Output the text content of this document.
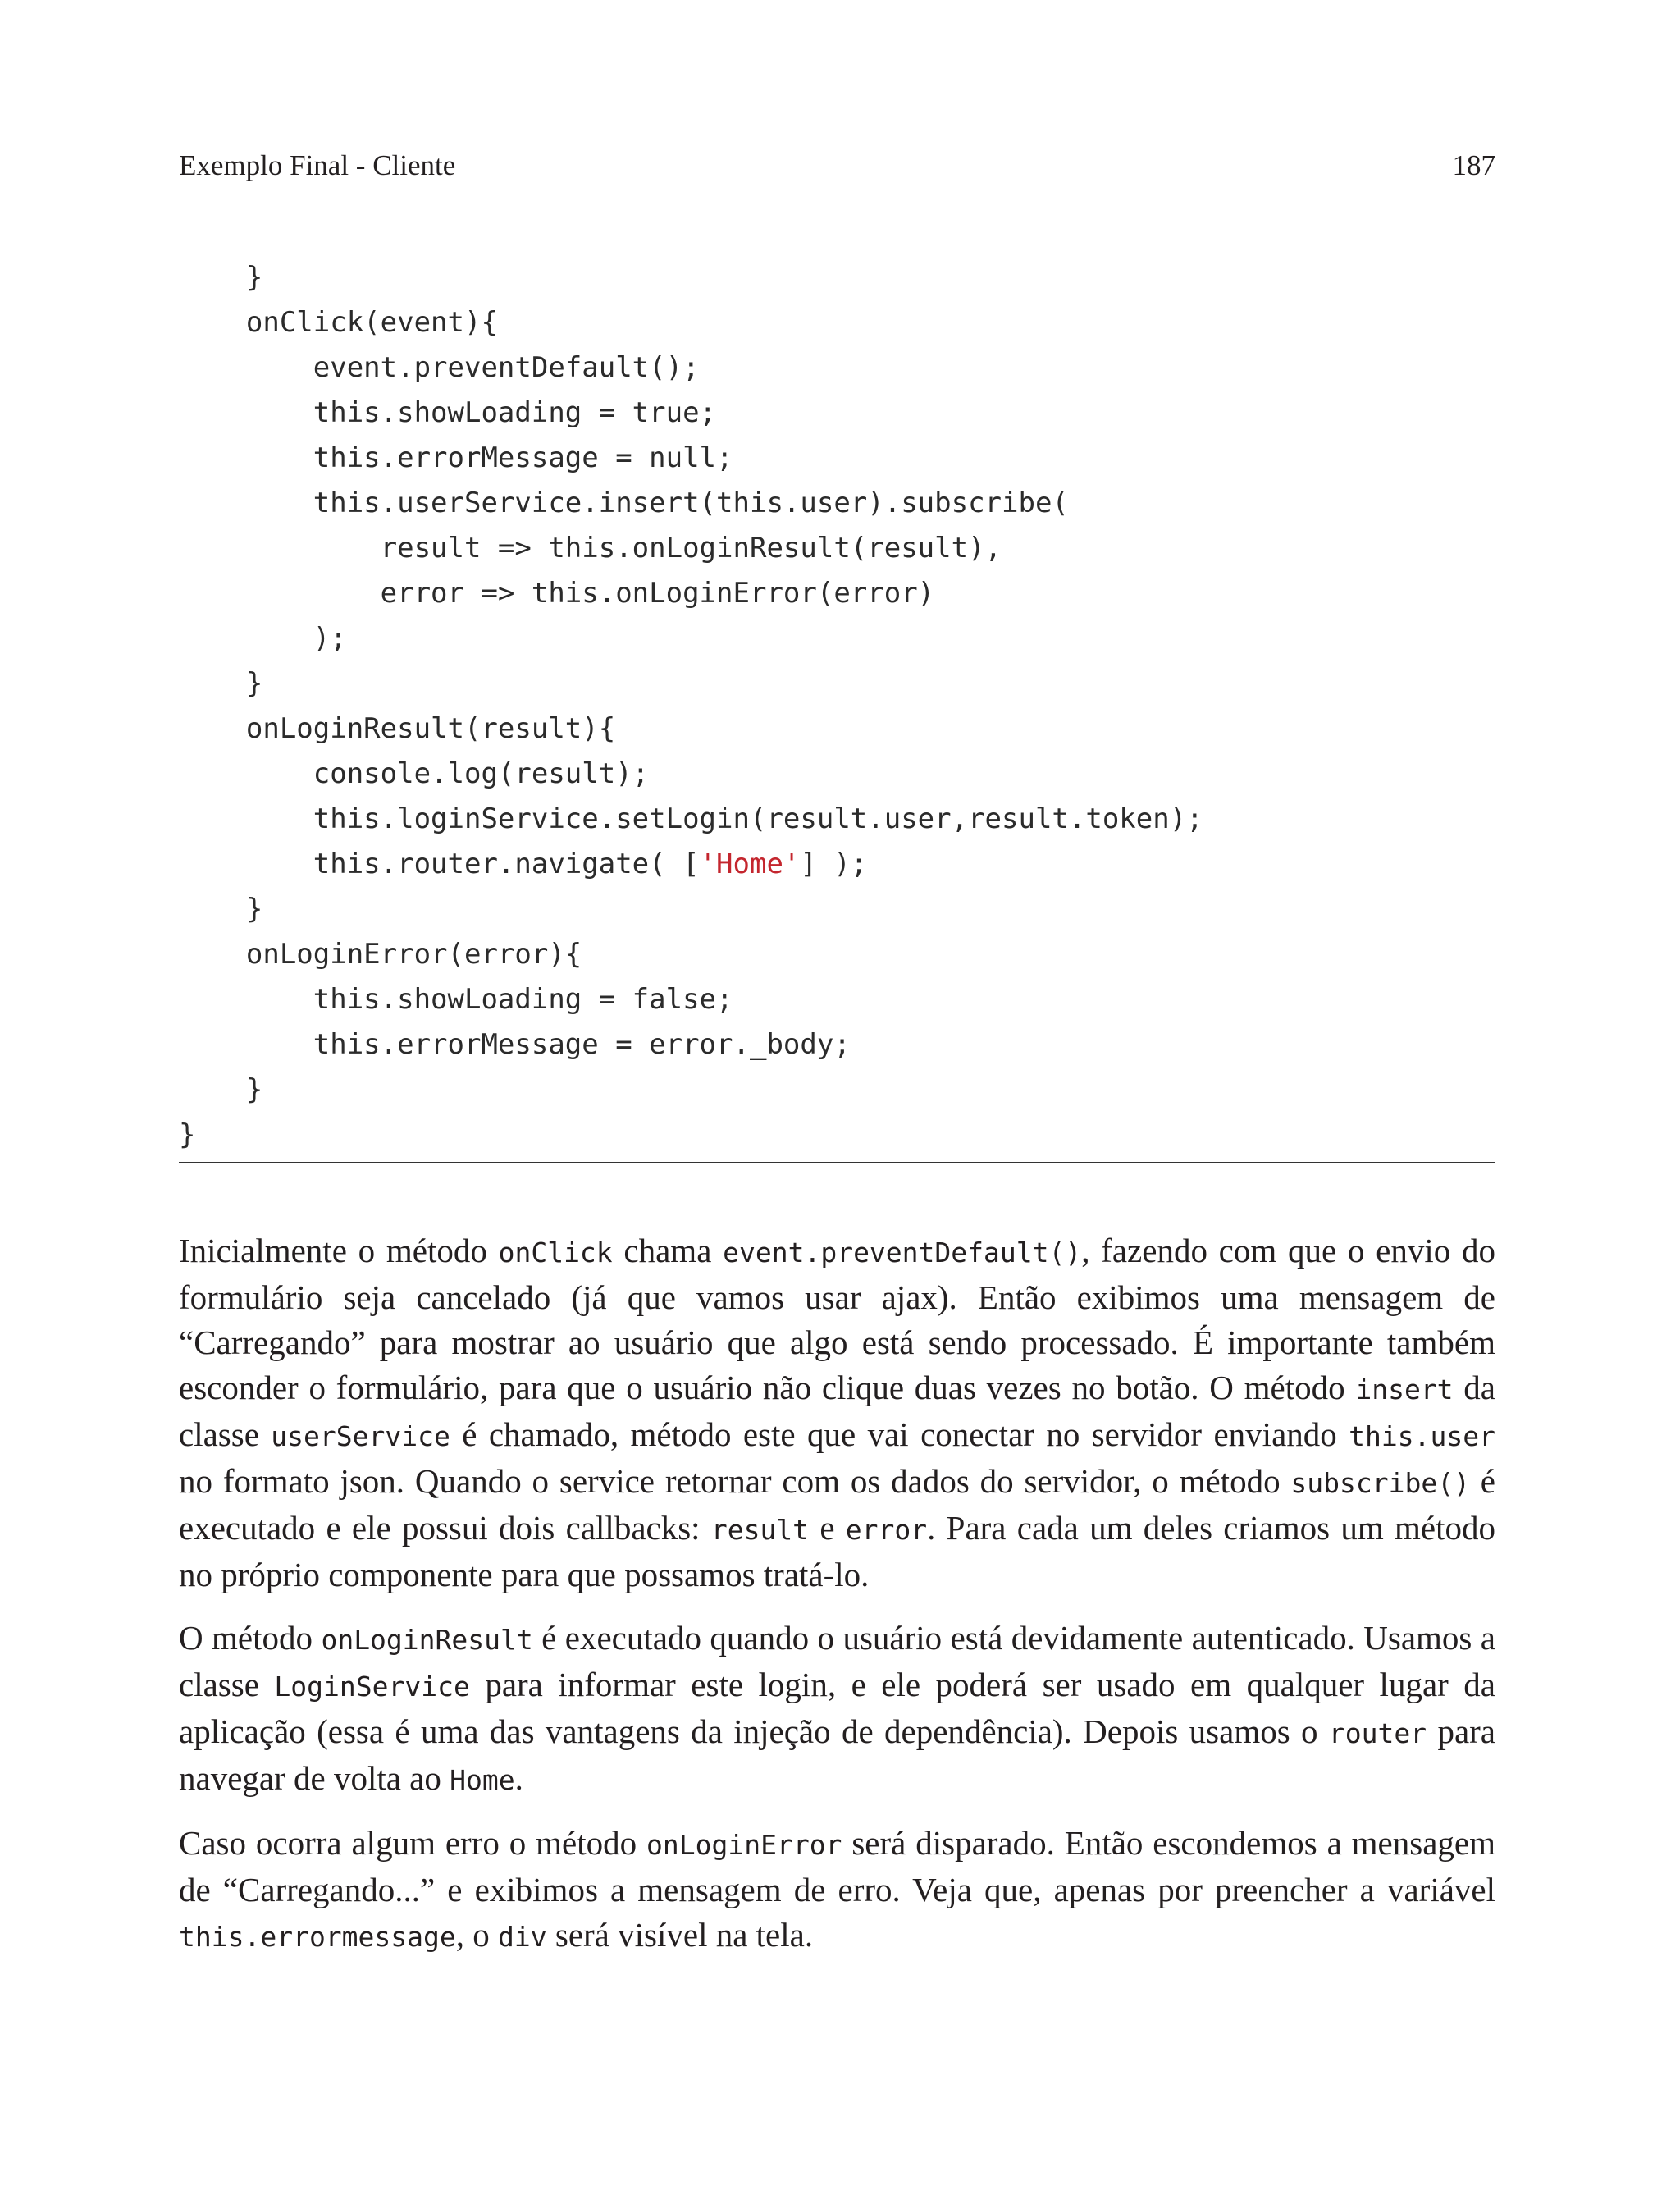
Exemplo Final - Cliente	187
}
onClick(event){
event.preventDefault();
this.showLoading = true;
this.errorMessage = null;
this.userService.insert(this.user).subscribe(
result => this.onLoginResult(result),
error => this.onLoginError(error)
);
}
onLoginResult(result){
console.log(result);
this.loginService.setLogin(result.user,result.token);
this.router.navigate( ['Home'] );
}
onLoginError(error){
this.showLoading = false;
this.errorMessage = error._body;
}
}

Inicialmente o método onClick chama event.preventDefault(), fazendo com que o envio do formulário seja cancelado (já que vamos usar ajax). Então exibimos uma mensagem de “Carregando” para mostrar ao usuário que algo está sendo processado. É importante também esconder o formulário, para que o usuário não clique duas vezes no botão. O método insert da classe userService é chamado, método este que vai conectar no servidor enviando this.user no formato json. Quando o service retornar com os dados do servidor, o método subscribe() é executado e ele possui dois callbacks: result e error. Para cada um deles criamos um método no próprio componente para que possamos tratá-lo.

O método onLoginResult é executado quando o usuário está devidamente autenticado. Usamos a classe LoginService para informar este login, e ele poderá ser usado em qualquer lugar da aplicação (essa é uma das vantagens da injeção de dependência). Depois usamos o router para navegar de volta ao Home.

Caso ocorra algum erro o método onLoginError será disparado. Então escondemos a mensagem de “Carregando...” e exibimos a mensagem de erro. Veja que, apenas por preencher a variável this.errormessage, o div será visível na tela.
